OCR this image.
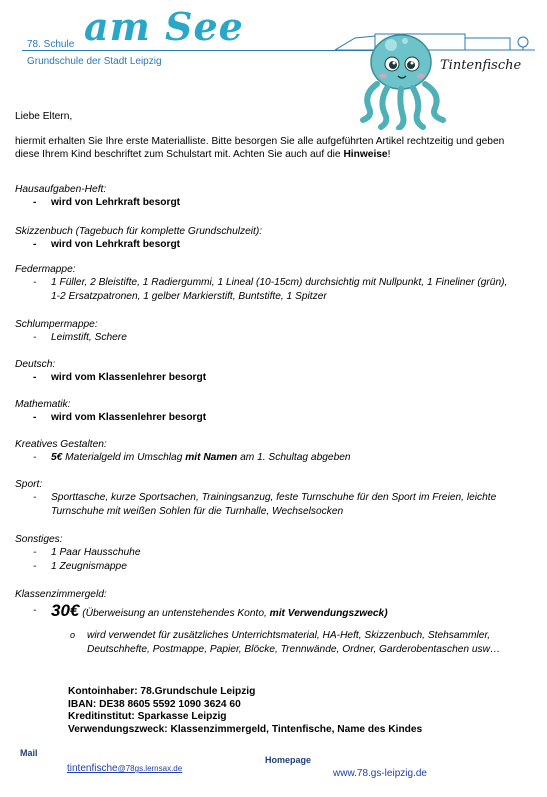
78. Schule am See
Grundschule der Stadt Leipzig	Tintenfische
Liebe Eltern,
hiermit erhalten Sie Ihre erste Materialliste. Bitte besorgen Sie alle aufgeführten Artikel rechtzeitig und geben diese Ihrem Kind beschriftet zum Schulstart mit. Achten Sie auch auf die Hinweise!
Hausaufgaben-Heft:
- wird von Lehrkraft besorgt
Skizzenbuch (Tagebuch für komplette Grundschulzeit):
- wird von Lehrkraft besorgt
Federmappe:
- 1 Füller, 2 Bleistifte, 1 Radiergummi, 1 Lineal (10-15cm) durchsichtig mit Nullpunkt, 1 Fineliner (grün), 1-2 Ersatzpatronen, 1 gelber Markierstift, Buntstifte, 1 Spitzer
Schlumpermappe:
- Leimstift, Schere
Deutsch:
- wird vom Klassenlehrer besorgt
Mathematik:
- wird vom Klassenlehrer besorgt
Kreatives Gestalten:
- 5€ Materialgeld im Umschlag mit Namen am 1. Schultag abgeben
Sport:
- Sporttasche, kurze Sportsachen, Trainingsanzug, feste Turnschuhe für den Sport im Freien, leichte Turnschuhe mit weißen Sohlen für die Turnhalle, Wechselsocken
Sonstiges:
- 1 Paar Hausschuhe
- 1 Zeugnismappe
Klassenzimmergeld:
- 30€ (Überweisung an untenstehendes Konto, mit Verwendungszweck)
o wird verwendet für zusätzliches Unterrichtsmaterial, HA-Heft, Skizzenbuch, Stehsammler, Deutschhefte, Postmappe, Papier, Blöcke, Trennwände, Ordner, Garderobentaschen usw…
Kontoinhaber: 78.Grundschule Leipzig
IBAN: DE38 8605 5592 1090 3624 60
Kreditinstitut: Sparkasse Leipzig
Verwendungszweck: Klassenzimmergeld, Tintenfische, Name des Kindes
Mail
tintenfische@78gs.lernsax.de
Homepage
www.78.gs-leipzig.de
